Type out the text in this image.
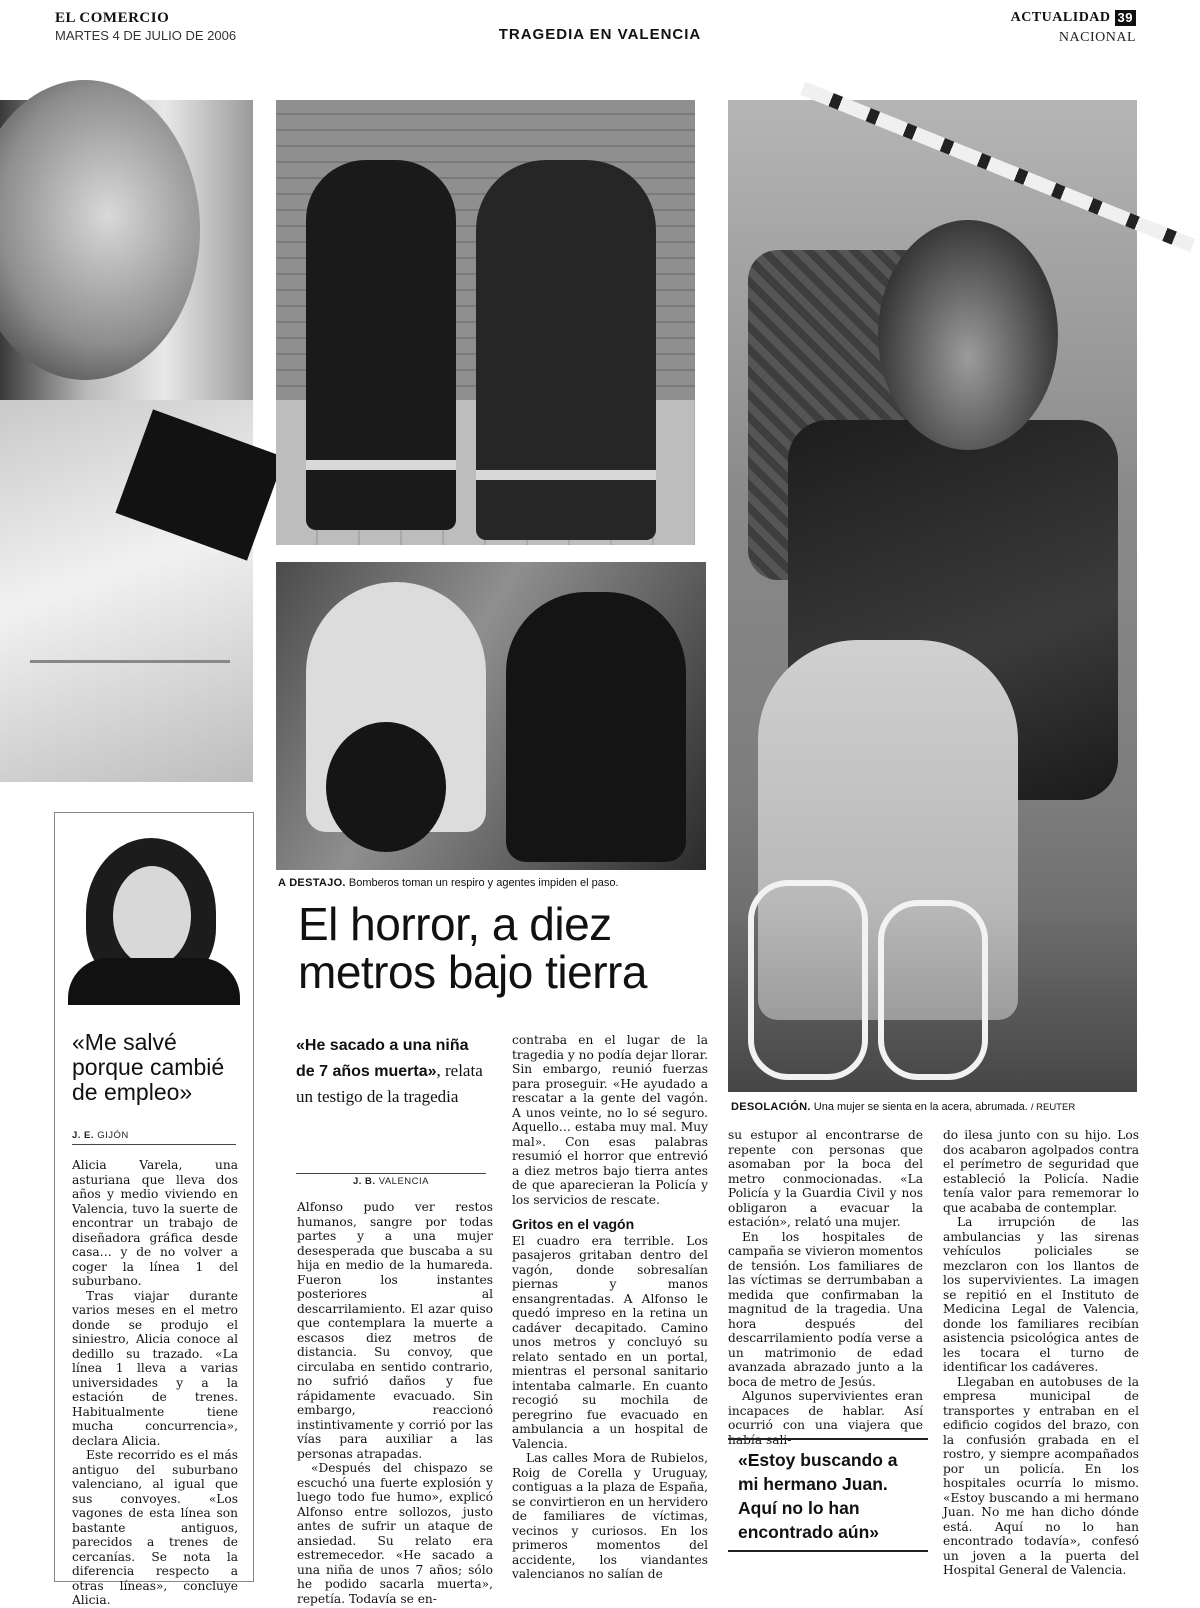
EL COMERCIO
MARTES 4 DE JULIO DE 2006	TRAGEDIA EN VALENCIA
ACTUALIDAD 39
NACIONAL
A DESTAJO. Bomberos toman un respiro y agentes impiden el paso.
DESOLACIÓN. Una mujer se sienta en la acera, abrumada. / REUTER
«Me salvé porque cambié de empleo»
J. E. GIJÓN

Alicia Varela, una asturiana que lleva dos años y medio viviendo en Valencia, tuvo la suerte de encontrar un trabajo de diseñadora gráfica desde casa… y de no volver a coger la línea 1 del suburbano.

Tras viajar durante varios meses en el metro donde se produjo el siniestro, Alicia conoce al dedillo su trazado. «La línea 1 lleva a varias universidades y a la estación de trenes. Habitualmente tiene mucha concurrencia», declara Alicia.

Este recorrido es el más antiguo del suburbano valenciano, al igual que sus convoyes. «Los vagones de esta línea son bastante antiguos, parecidos a trenes de cercanías. Se nota la diferencia respecto a otras líneas», concluye Alicia.

El horror, a diez metros bajo tierra
«He sacado a una niña de 7 años muerta», relata un testigo de la tragedia
J. B. VALENCIA

Alfonso pudo ver restos humanos, sangre por todas partes y a una mujer desesperada que buscaba a su hija en medio de la humareda. Fueron los instantes posteriores al descarrilamiento. El azar quiso que contemplara la muerte a escasos diez metros de distancia. Su convoy, que circulaba en sentido contrario, no sufrió daños y fue rápidamente evacuado. Sin embargo, reaccionó instintivamente y corrió por las vías para auxiliar a las personas atrapadas.

«Después del chispazo se escuchó una fuerte explosión y luego todo fue humo», explicó Alfonso entre sollozos, justo antes de sufrir un ataque de ansiedad. Su relato era estremecedor. «He sacado a una niña de unos 7 años; sólo he podido sacarla muerta», repetía. Todavía se en-

contraba en el lugar de la tragedia y no podía dejar llorar. Sin embargo, reunió fuerzas para proseguir. «He ayudado a rescatar a la gente del vagón. A unos veinte, no lo sé seguro. Aquello… estaba muy mal. Muy mal». Con esas palabras resumió el horror que entrevió a diez metros bajo tierra antes de que aparecieran la Policía y los servicios de rescate.

Gritos en el vagón

El cuadro era terrible. Los pasajeros gritaban dentro del vagón, donde sobresalían piernas y manos ensangrentadas. A Alfonso le quedó impreso en la retina un cadáver decapitado. Camino unos metros y concluyó su relato sentado en un portal, mientras el personal sanitario intentaba calmarle. En cuanto recogió su mochila de peregrino fue evacuado en ambulancia a un hospital de Valencia.

Las calles Mora de Rubielos, Roig de Corella y Uruguay, contiguas a la plaza de España, se convirtieron en un hervidero de familiares de víctimas, vecinos y curiosos. En los primeros momentos del accidente, los viandantes valencianos no salían de

su estupor al encontrarse de repente con personas que asomaban por la boca del metro conmocionadas. «La Policía y la Guardia Civil y nos obligaron a evacuar la estación», relató una mujer.

En los hospitales de campaña se vivieron momentos de tensión. Los familiares de las víctimas se derrumbaban a medida que confirmaban la magnitud de la tragedia. Una hora después del descarrilamiento podía verse a un matrimonio de edad avanzada abrazado junto a la boca de metro de Jesús.

Algunos supervivientes eran incapaces de hablar. Así ocurrió con una viajera que había sali-

«Estoy buscando a mi hermano Juan. Aquí no lo han encontrado aún»

do ilesa junto con su hijo. Los dos acabaron agolpados contra el perímetro de seguridad que estableció la Policía. Nadie tenía valor para rememorar lo que acababa de contemplar.

La irrupción de las ambulancias y las sirenas vehículos policiales se mezclaron con los llantos de los supervivientes. La imagen se repitió en el Instituto de Medicina Legal de Valencia, donde los familiares recibían asistencia psicológica antes de les tocara el turno de identificar los cadáveres.

Llegaban en autobuses de la empresa municipal de transportes y entraban en el edificio cogidos del brazo, con la confusión grabada en el rostro, y siempre acompañados por un policía. En los hospitales ocurría lo mismo. «Estoy buscando a mi hermano Juan. No me han dicho dónde está. Aquí no lo han encontrado todavía», confesó un joven a la puerta del Hospital General de Valencia.
